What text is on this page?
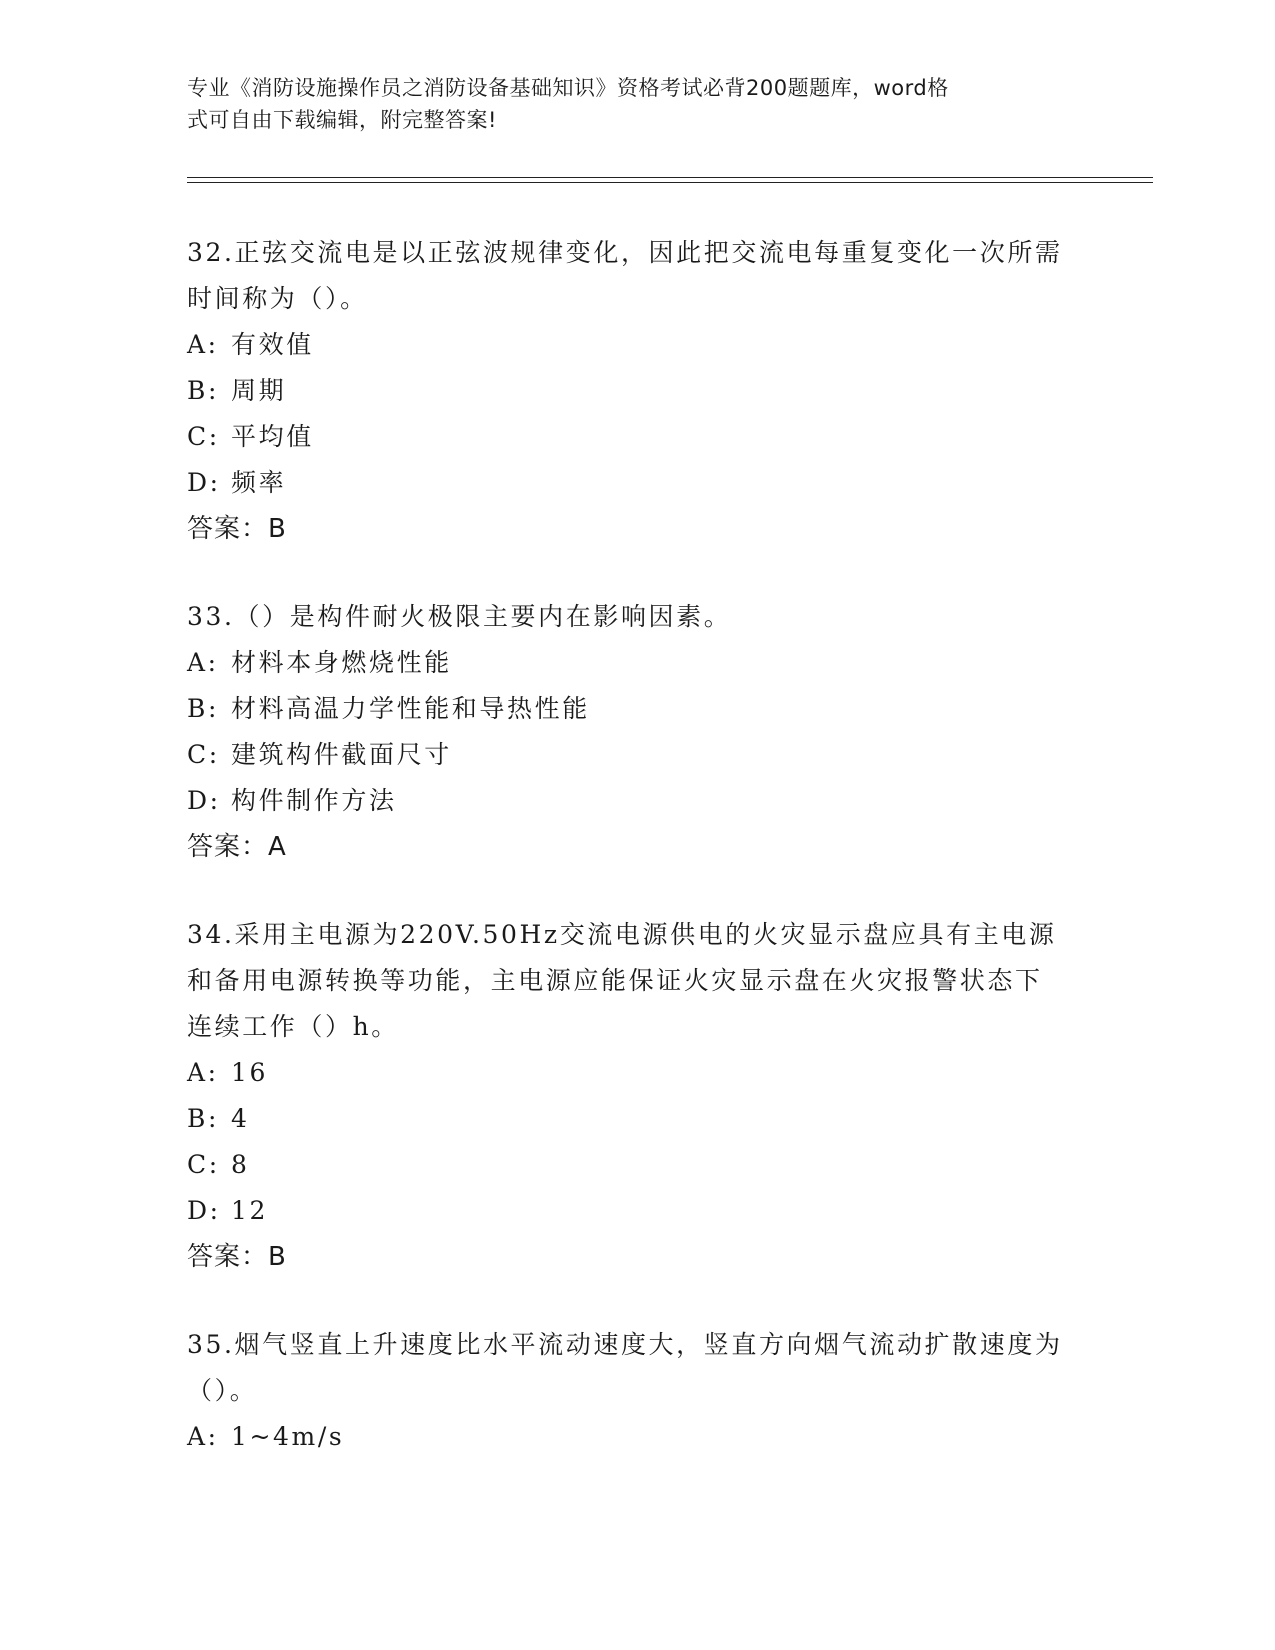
专业《消防设施操作员之消防设备基础知识》资格考试必背200题题库，word格
式可自由下载编辑，附完整答案!

32.正弦交流电是以正弦波规律变化，因此把交流电每重复变化一次所需时间称为（）。

A: 有效值
B: 周期
C: 平均值
D: 频率
答案：B

33.（）是构件耐火极限主要内在影响因素。

A: 材料本身燃烧性能
B: 材料高温力学性能和导热性能
C: 建筑构件截面尺寸
D: 构件制作方法
答案：A

34.采用主电源为220V.50Hz交流电源供电的火灾显示盘应具有主电源和备用电源转换等功能，主电源应能保证火灾显示盘在火灾报警状态下连续工作（）h。

A: 16
B: 4
C: 8
D: 12
答案：B

35.烟气竖直上升速度比水平流动速度大，竖直方向烟气流动扩散速度为（）。

A: 1~4m/s
